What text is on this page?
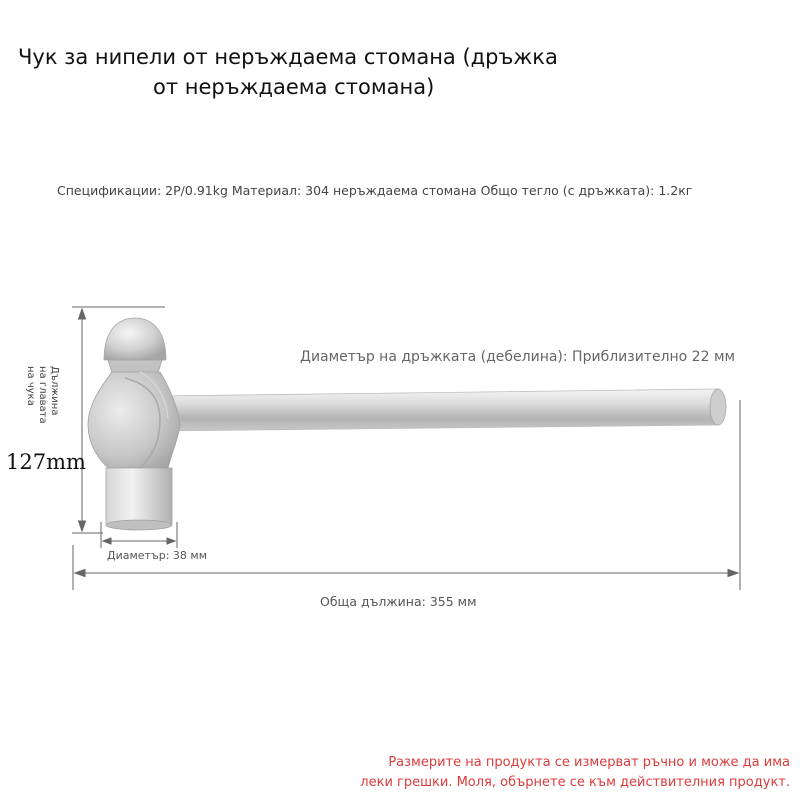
Чук за нипели от неръждаема стомана (дръжка
от неръждаема стомана)
Спецификации: 2P/0.91kg Материал: 304 неръждаема стомана Общо тегло (с дръжката): 1.2кг
Диаметър на дръжката (дебелина): Приблизително 22 мм
Дължина
на главата
на чука
127mm
Диаметър: 38 мм
Обща дължина: 355 мм
Размерите на продукта се измерват ръчно и може да има
леки грешки. Моля, обърнете се към действителния продукт.
